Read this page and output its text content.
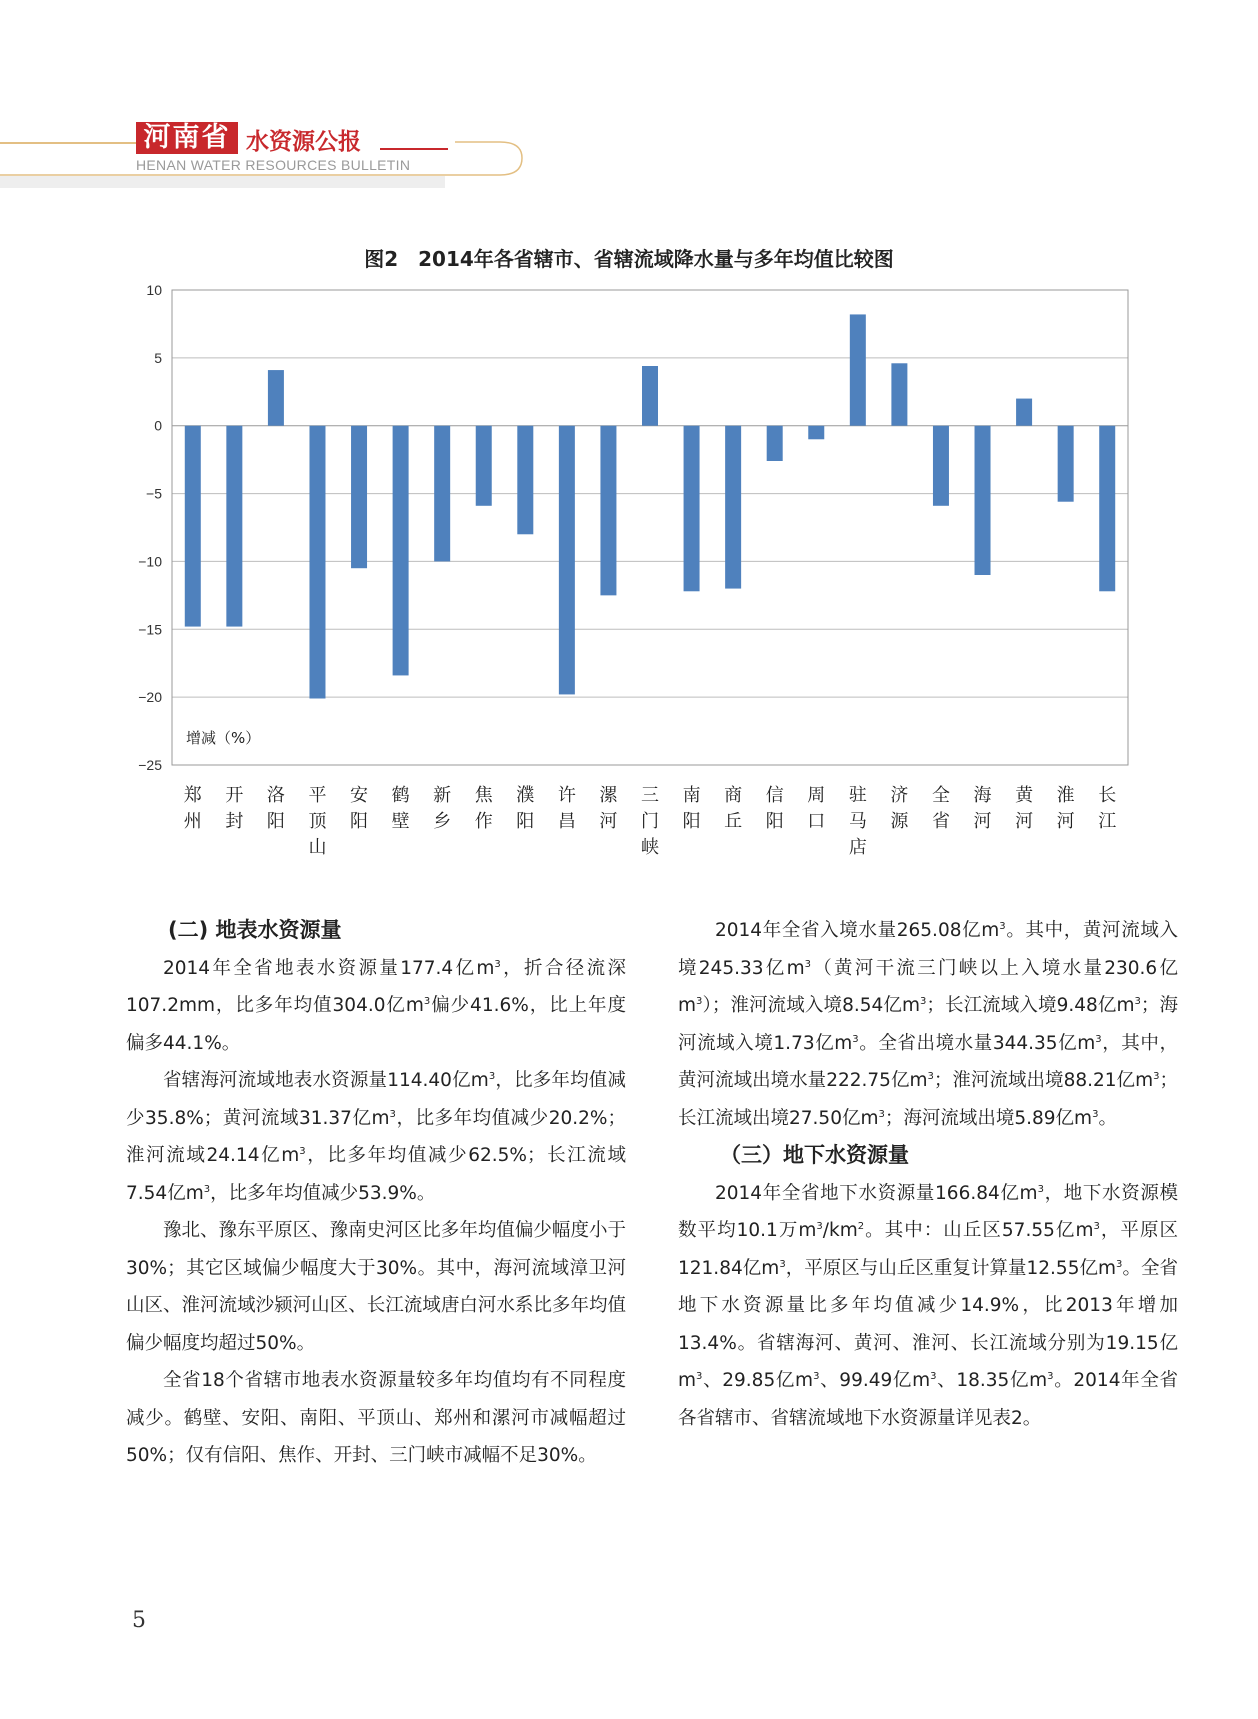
河南省 水资源公报
HENAN WATER RESOURCES BULLETIN
图2　2014年各省辖市、省辖流域降水量与多年均值比较图
10
5
0
−5
−10
−15
−20
−25
郑
州
开
封
洛
阳
平
顶
山
安
阳
鹤
壁
新
乡
焦
作
濮
阳
许
昌
漯
河
三
门
峡
南
阳
商
丘
信
阳
周
口
驻
马
店
济
源
全
省
海
河
黄
河
淮
河
长
江
增减（%）

(二) 地表水资源量

2014年全省地表水资源量177.4亿$m^3$，折合径流深107.2mm，比多年均值304.0亿$m^3$偏少41.6%，比上年度偏多44.1%。

省辖海河流域地表水资源量114.40亿$m^3$，比多年均值减少35.8%；黄河流域31.37亿$m^3$，比多年均值减少20.2%；淮河流域24.14亿$m^3$，比多年均值减少62.5%；长江流域7.54亿$m^3$，比多年均值减少53.9%。

豫北、豫东平原区、豫南史河区比多年均值偏少幅度小于30%；其它区域偏少幅度大于30%。其中，海河流域漳卫河山区、淮河流域沙颍河山区、长江流域唐白河水系比多年均值偏少幅度均超过50%。

全省18个省辖市地表水资源量较多年均值均有不同程度减少。鹤壁、安阳、南阳、平顶山、郑州和漯河市减幅超过50%；仅有信阳、焦作、开封、三门峡市减幅不足30%。

2014年全省入境水量265.08亿$m^3$。其中，黄河流域入境245.33亿$m^3$（黄河干流三门峡以上入境水量230.6亿$m^3$）；淮河流域入境8.54亿$m^3$；长江流域入境9.48亿$m^3$；海河流域入境1.73亿$m^3$。全省出境水量344.35亿$m^3$，其中，黄河流域出境水量222.75亿$m^3$；淮河流域出境88.21亿$m^3$；长江流域出境27.50亿$m^3$；海河流域出境5.89亿$m^3$。

（三）地下水资源量

2014年全省地下水资源量166.84亿$m^3$，地下水资源模数平均10.1万$m^3/km^2$。其中：山丘区57.55亿$m^3$，平原区121.84亿$m^3$，平原区与山丘区重复计算量12.55亿$m^3$。全省地下水资源量比多年均值减少14.9%，比2013年增加13.4%。省辖海河、黄河、淮河、长江流域分别为19.15亿$m^3$、29.85亿$m^3$、99.49亿$m^3$、18.35亿$m^3$。2014年全省各省辖市、省辖流域地下水资源量详见表2。

5
